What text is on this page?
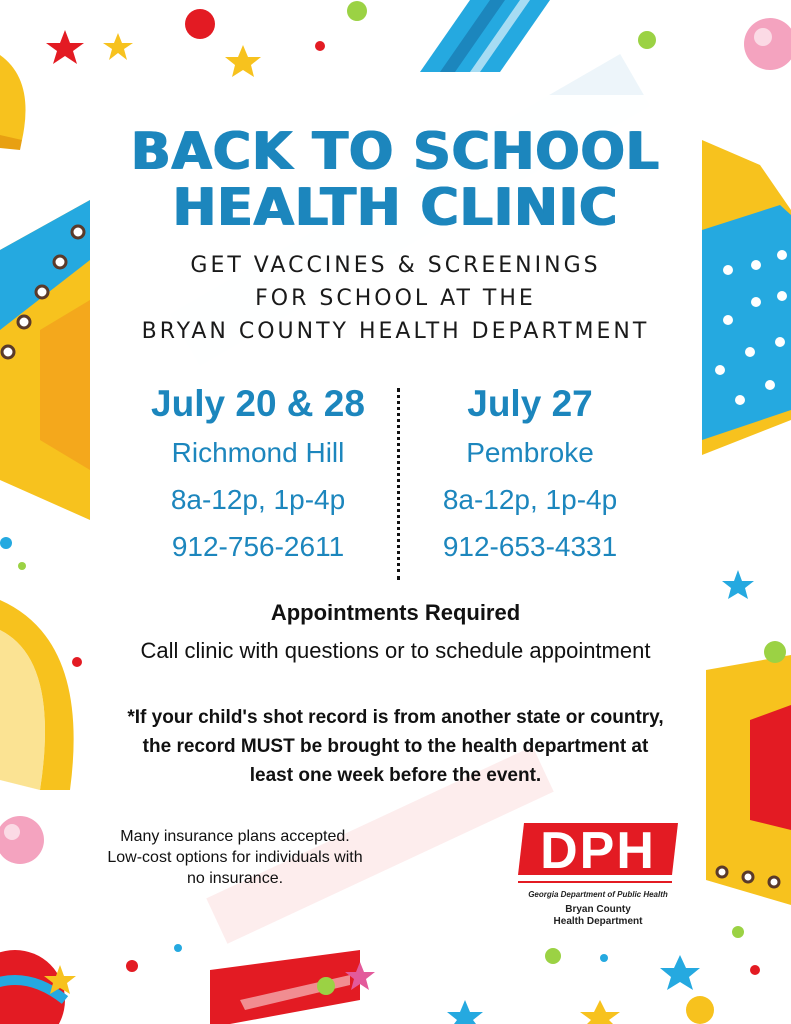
BACK TO SCHOOL
HEALTH CLINIC
GET VACCINES & SCREENINGS
FOR SCHOOL AT THE
BRYAN COUNTY HEALTH DEPARTMENT
July 20 & 28
Richmond Hill
8a-12p, 1p-4p
912-756-2611
July 27
Pembroke
8a-12p, 1p-4p
912-653-4331
Appointments Required
Call clinic with questions or to schedule appointment
*If your child's shot record is from another state or country, the record MUST be brought to the health department at least one week before the event.
Many insurance plans accepted. Low-cost options for individuals with no insurance.	DPH
Georgia Department of Public Health
Bryan County
Health Department
